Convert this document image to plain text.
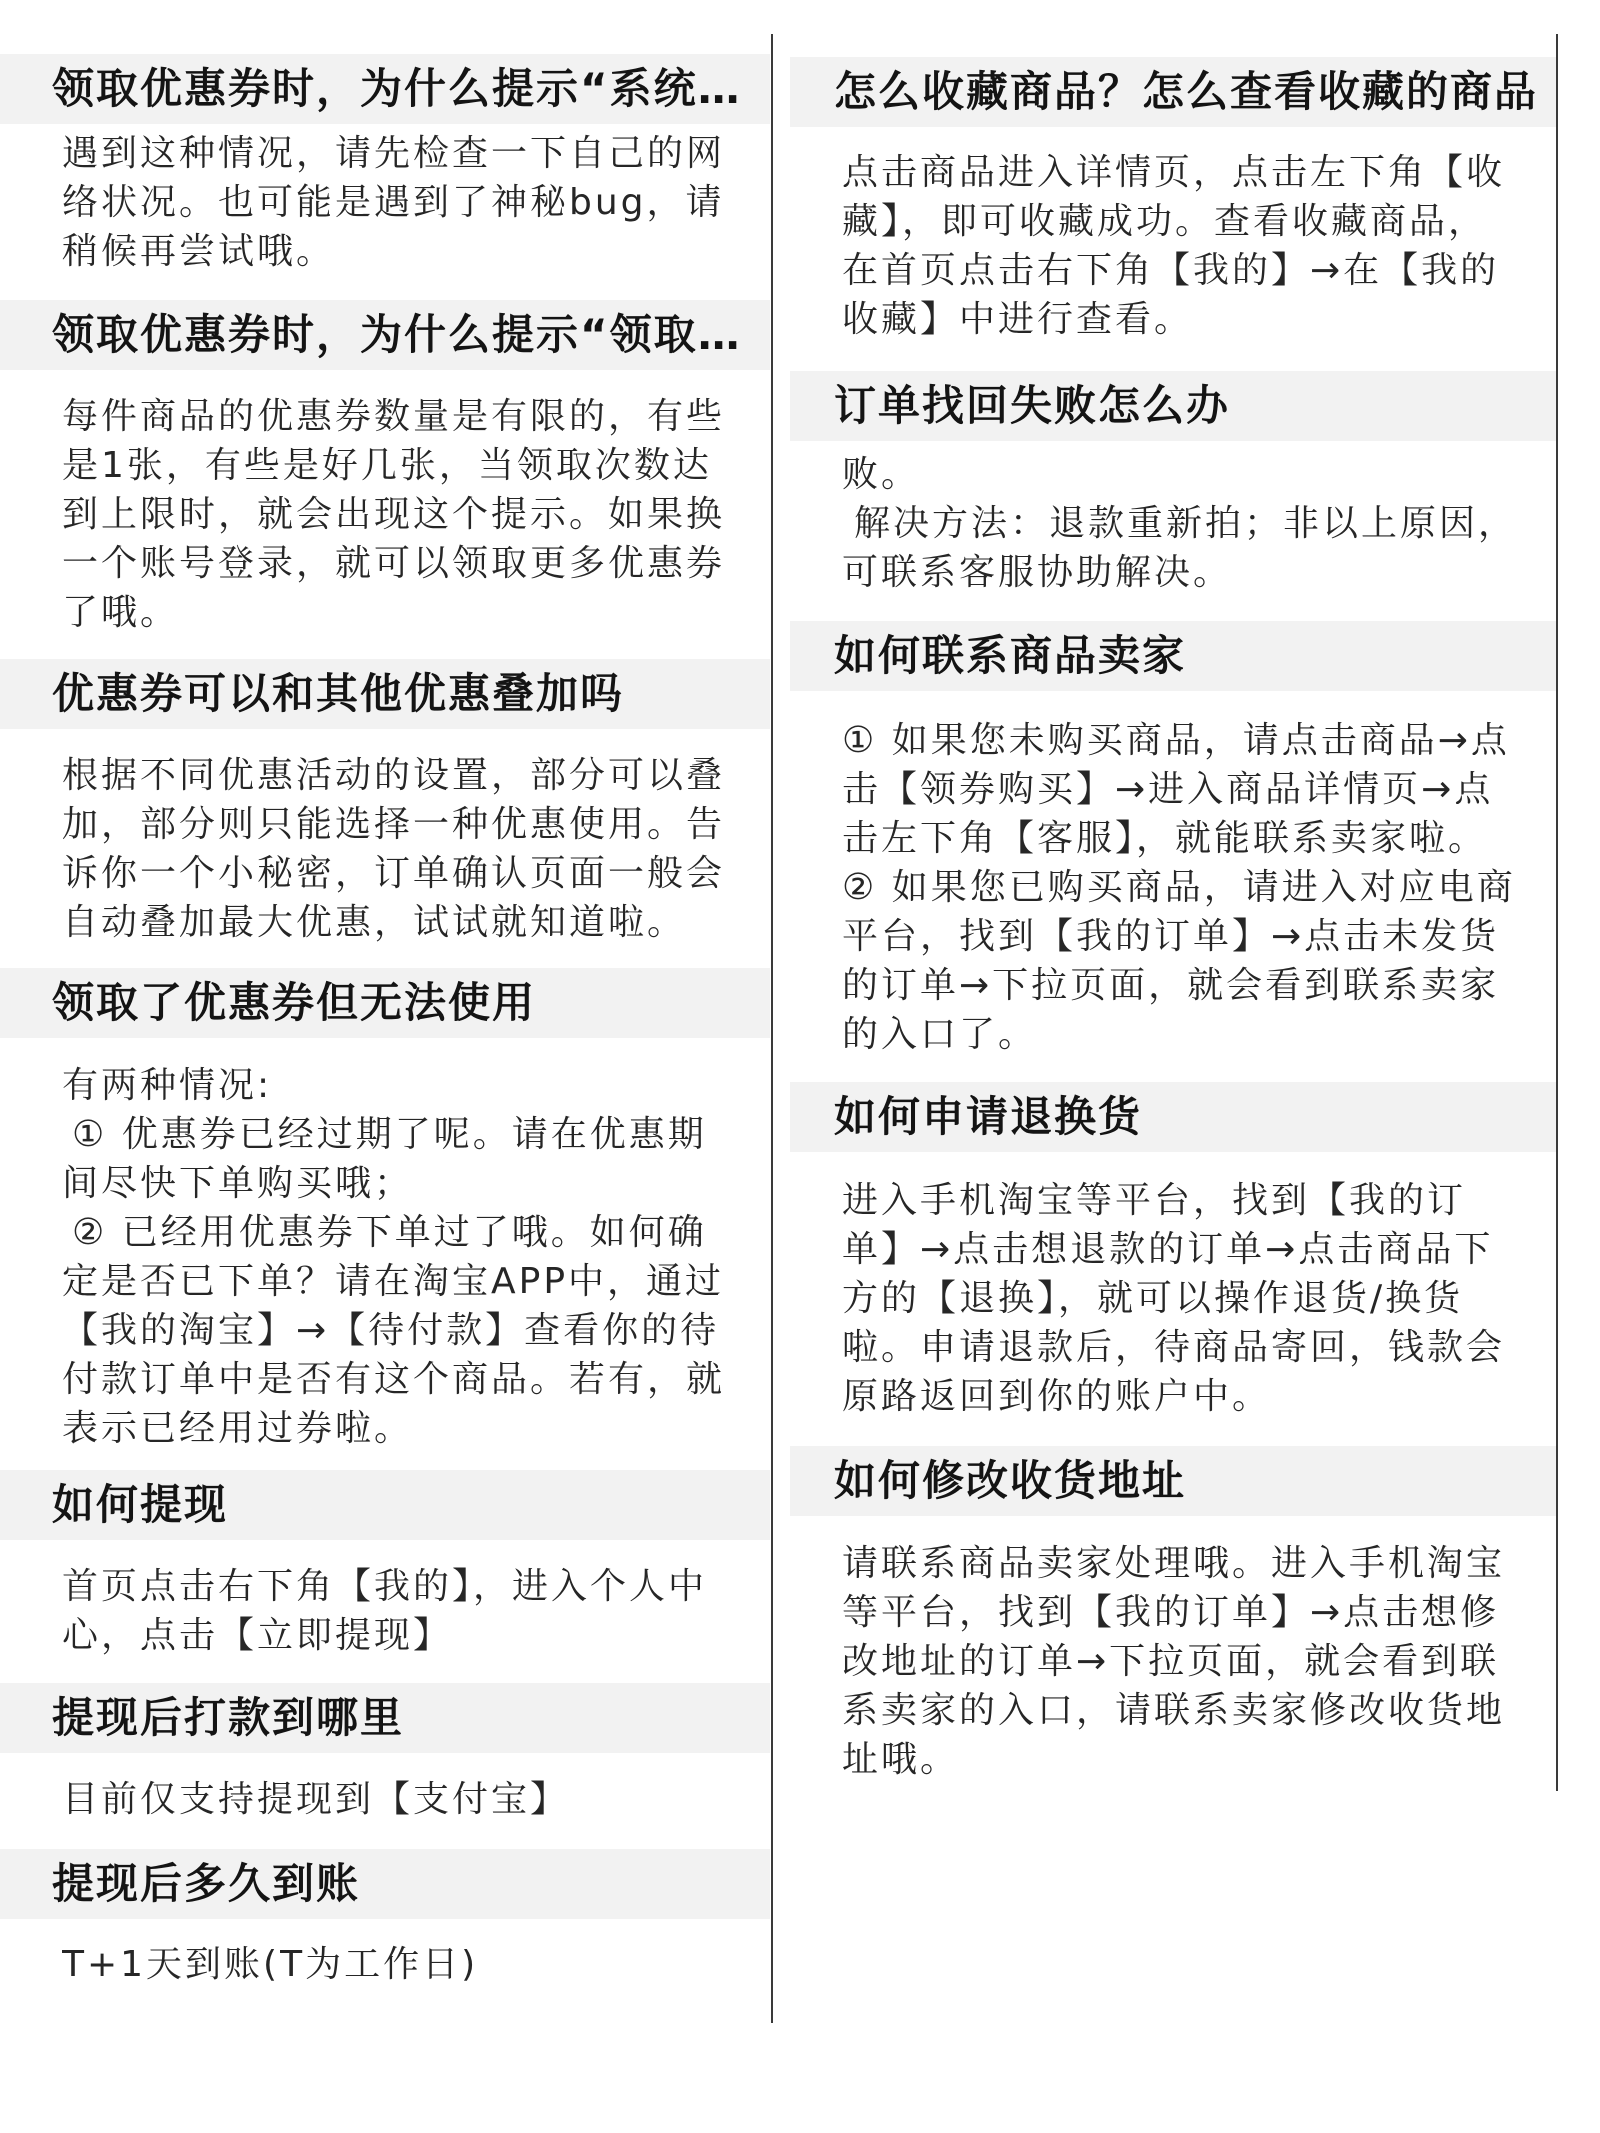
领取优惠券时，为什么提示“系统…
遇到这种情况，请先检查一下自己的网
络状况。也可能是遇到了神秘bug，请
稍候再尝试哦。
领取优惠券时，为什么提示“领取…
每件商品的优惠券数量是有限的，有些
是1张，有些是好几张，当领取次数达
到上限时，就会出现这个提示。如果换
一个账号登录，就可以领取更多优惠券
了哦。
优惠券可以和其他优惠叠加吗
根据不同优惠活动的设置，部分可以叠
加，部分则只能选择一种优惠使用。告
诉你一个小秘密，订单确认页面一般会
自动叠加最大优惠，试试就知道啦。
领取了优惠券但无法使用
有两种情况:
① 优惠券已经过期了呢。请在优惠期
间尽快下单购买哦；
② 已经用优惠券下单过了哦。如何确
定是否已下单？请在淘宝APP中，通过
【我的淘宝】→【待付款】查看你的待
付款订单中是否有这个商品。若有，就
表示已经用过券啦。
如何提现
首页点击右下角【我的】，进入个人中
心，点击【立即提现】
提现后打款到哪里
目前仅支持提现到【支付宝】
提现后多久到账
T+1天到账(T为工作日)
怎么收藏商品？怎么查看收藏的商品
点击商品进入详情页，点击左下角【收
藏】，即可收藏成功。查看收藏商品，
在首页点击右下角【我的】→在【我的
收藏】中进行查看。
订单找回失败怎么办
败。
解决方法：退款重新拍；非以上原因，
可联系客服协助解决。
如何联系商品卖家
① 如果您未购买商品，请点击商品→点
击【领券购买】→进入商品详情页→点
击左下角【客服】，就能联系卖家啦。
② 如果您已购买商品，请进入对应电商
平台，找到【我的订单】→点击未发货
的订单→下拉页面，就会看到联系卖家
的入口了。
如何申请退换货
进入手机淘宝等平台，找到【我的订
单】→点击想退款的订单→点击商品下
方的【退换】，就可以操作退货/换货
啦。申请退款后，待商品寄回，钱款会
原路返回到你的账户中。
如何修改收货地址
请联系商品卖家处理哦。进入手机淘宝
等平台，找到【我的订单】→点击想修
改地址的订单→下拉页面，就会看到联
系卖家的入口，请联系卖家修改收货地
址哦。
